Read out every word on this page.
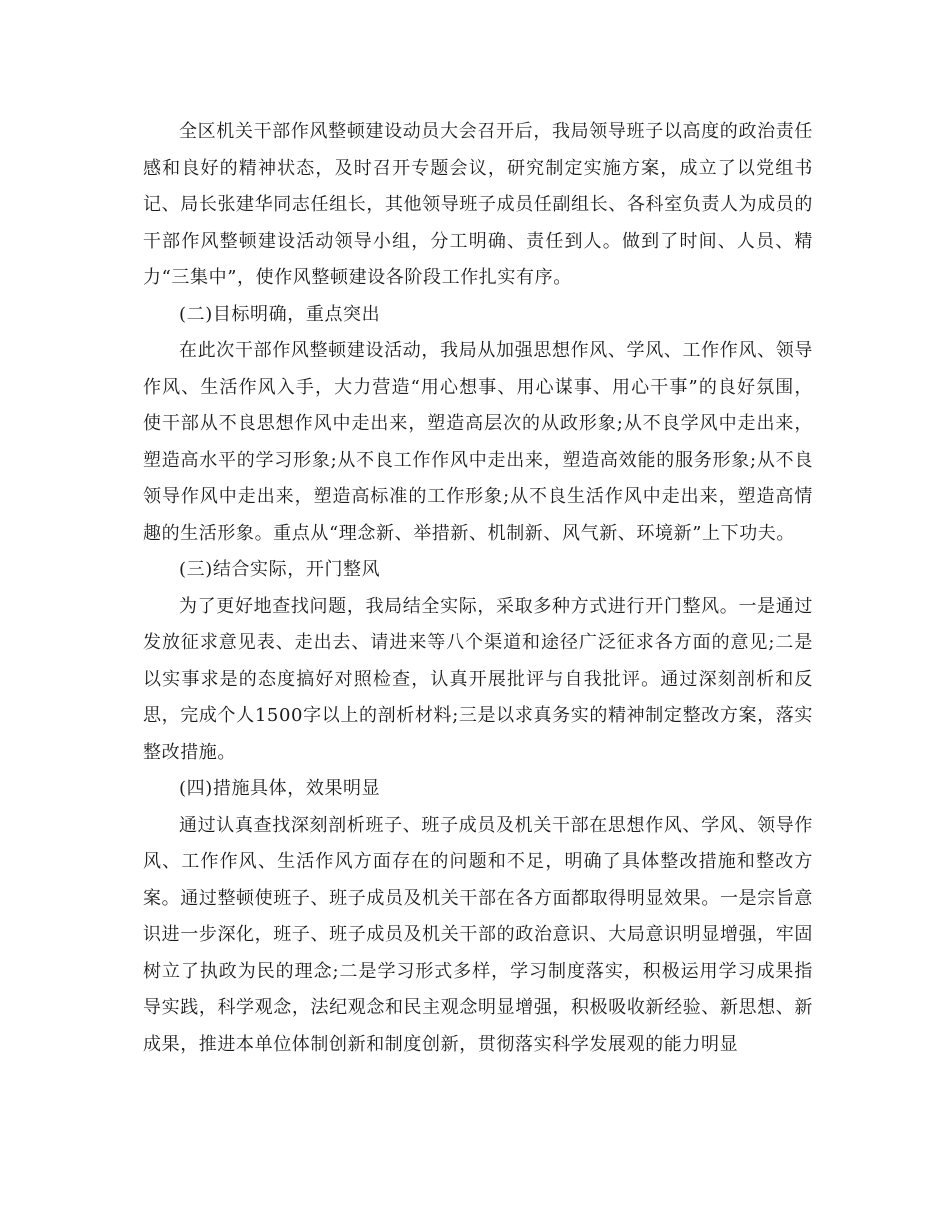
全区机关干部作风整顿建设动员大会召开后，我局领导班子以高度的政治责任感和良好的精神状态，及时召开专题会议，研究制定实施方案，成立了以党组书记、局长张建华同志任组长，其他领导班子成员任副组长、各科室负责人为成员的干部作风整顿建设活动领导小组，分工明确、责任到人。做到了时间、人员、精力“三集中”，使作风整顿建设各阶段工作扎实有序。

(二)目标明确，重点突出

在此次干部作风整顿建设活动，我局从加强思想作风、学风、工作作风、领导作风、生活作风入手，大力营造“用心想事、用心谋事、用心干事”的良好氛围，使干部从不良思想作风中走出来，塑造高层次的从政形象;从不良学风中走出来，塑造高水平的学习形象;从不良工作作风中走出来，塑造高效能的服务形象;从不良领导作风中走出来，塑造高标准的工作形象;从不良生活作风中走出来，塑造高情趣的生活形象。重点从“理念新、举措新、机制新、风气新、环境新”上下功夫。

(三)结合实际，开门整风

为了更好地查找问题，我局结全实际，采取多种方式进行开门整风。一是通过发放征求意见表、走出去、请进来等八个渠道和途径广泛征求各方面的意见;二是以实事求是的态度搞好对照检查，认真开展批评与自我批评。通过深刻剖析和反思，完成个人1500字以上的剖析材料;三是以求真务实的精神制定整改方案，落实整改措施。

(四)措施具体，效果明显

通过认真查找深刻剖析班子、班子成员及机关干部在思想作风、学风、领导作风、工作作风、生活作风方面存在的问题和不足，明确了具体整改措施和整改方案。通过整顿使班子、班子成员及机关干部在各方面都取得明显效果。一是宗旨意识进一步深化，班子、班子成员及机关干部的政治意识、大局意识明显增强，牢固树立了执政为民的理念;二是学习形式多样，学习制度落实，积极运用学习成果指导实践，科学观念，法纪观念和民主观念明显增强，积极吸收新经验、新思想、新成果，推进本单位体制创新和制度创新，贯彻落实科学发展观的能力明显
